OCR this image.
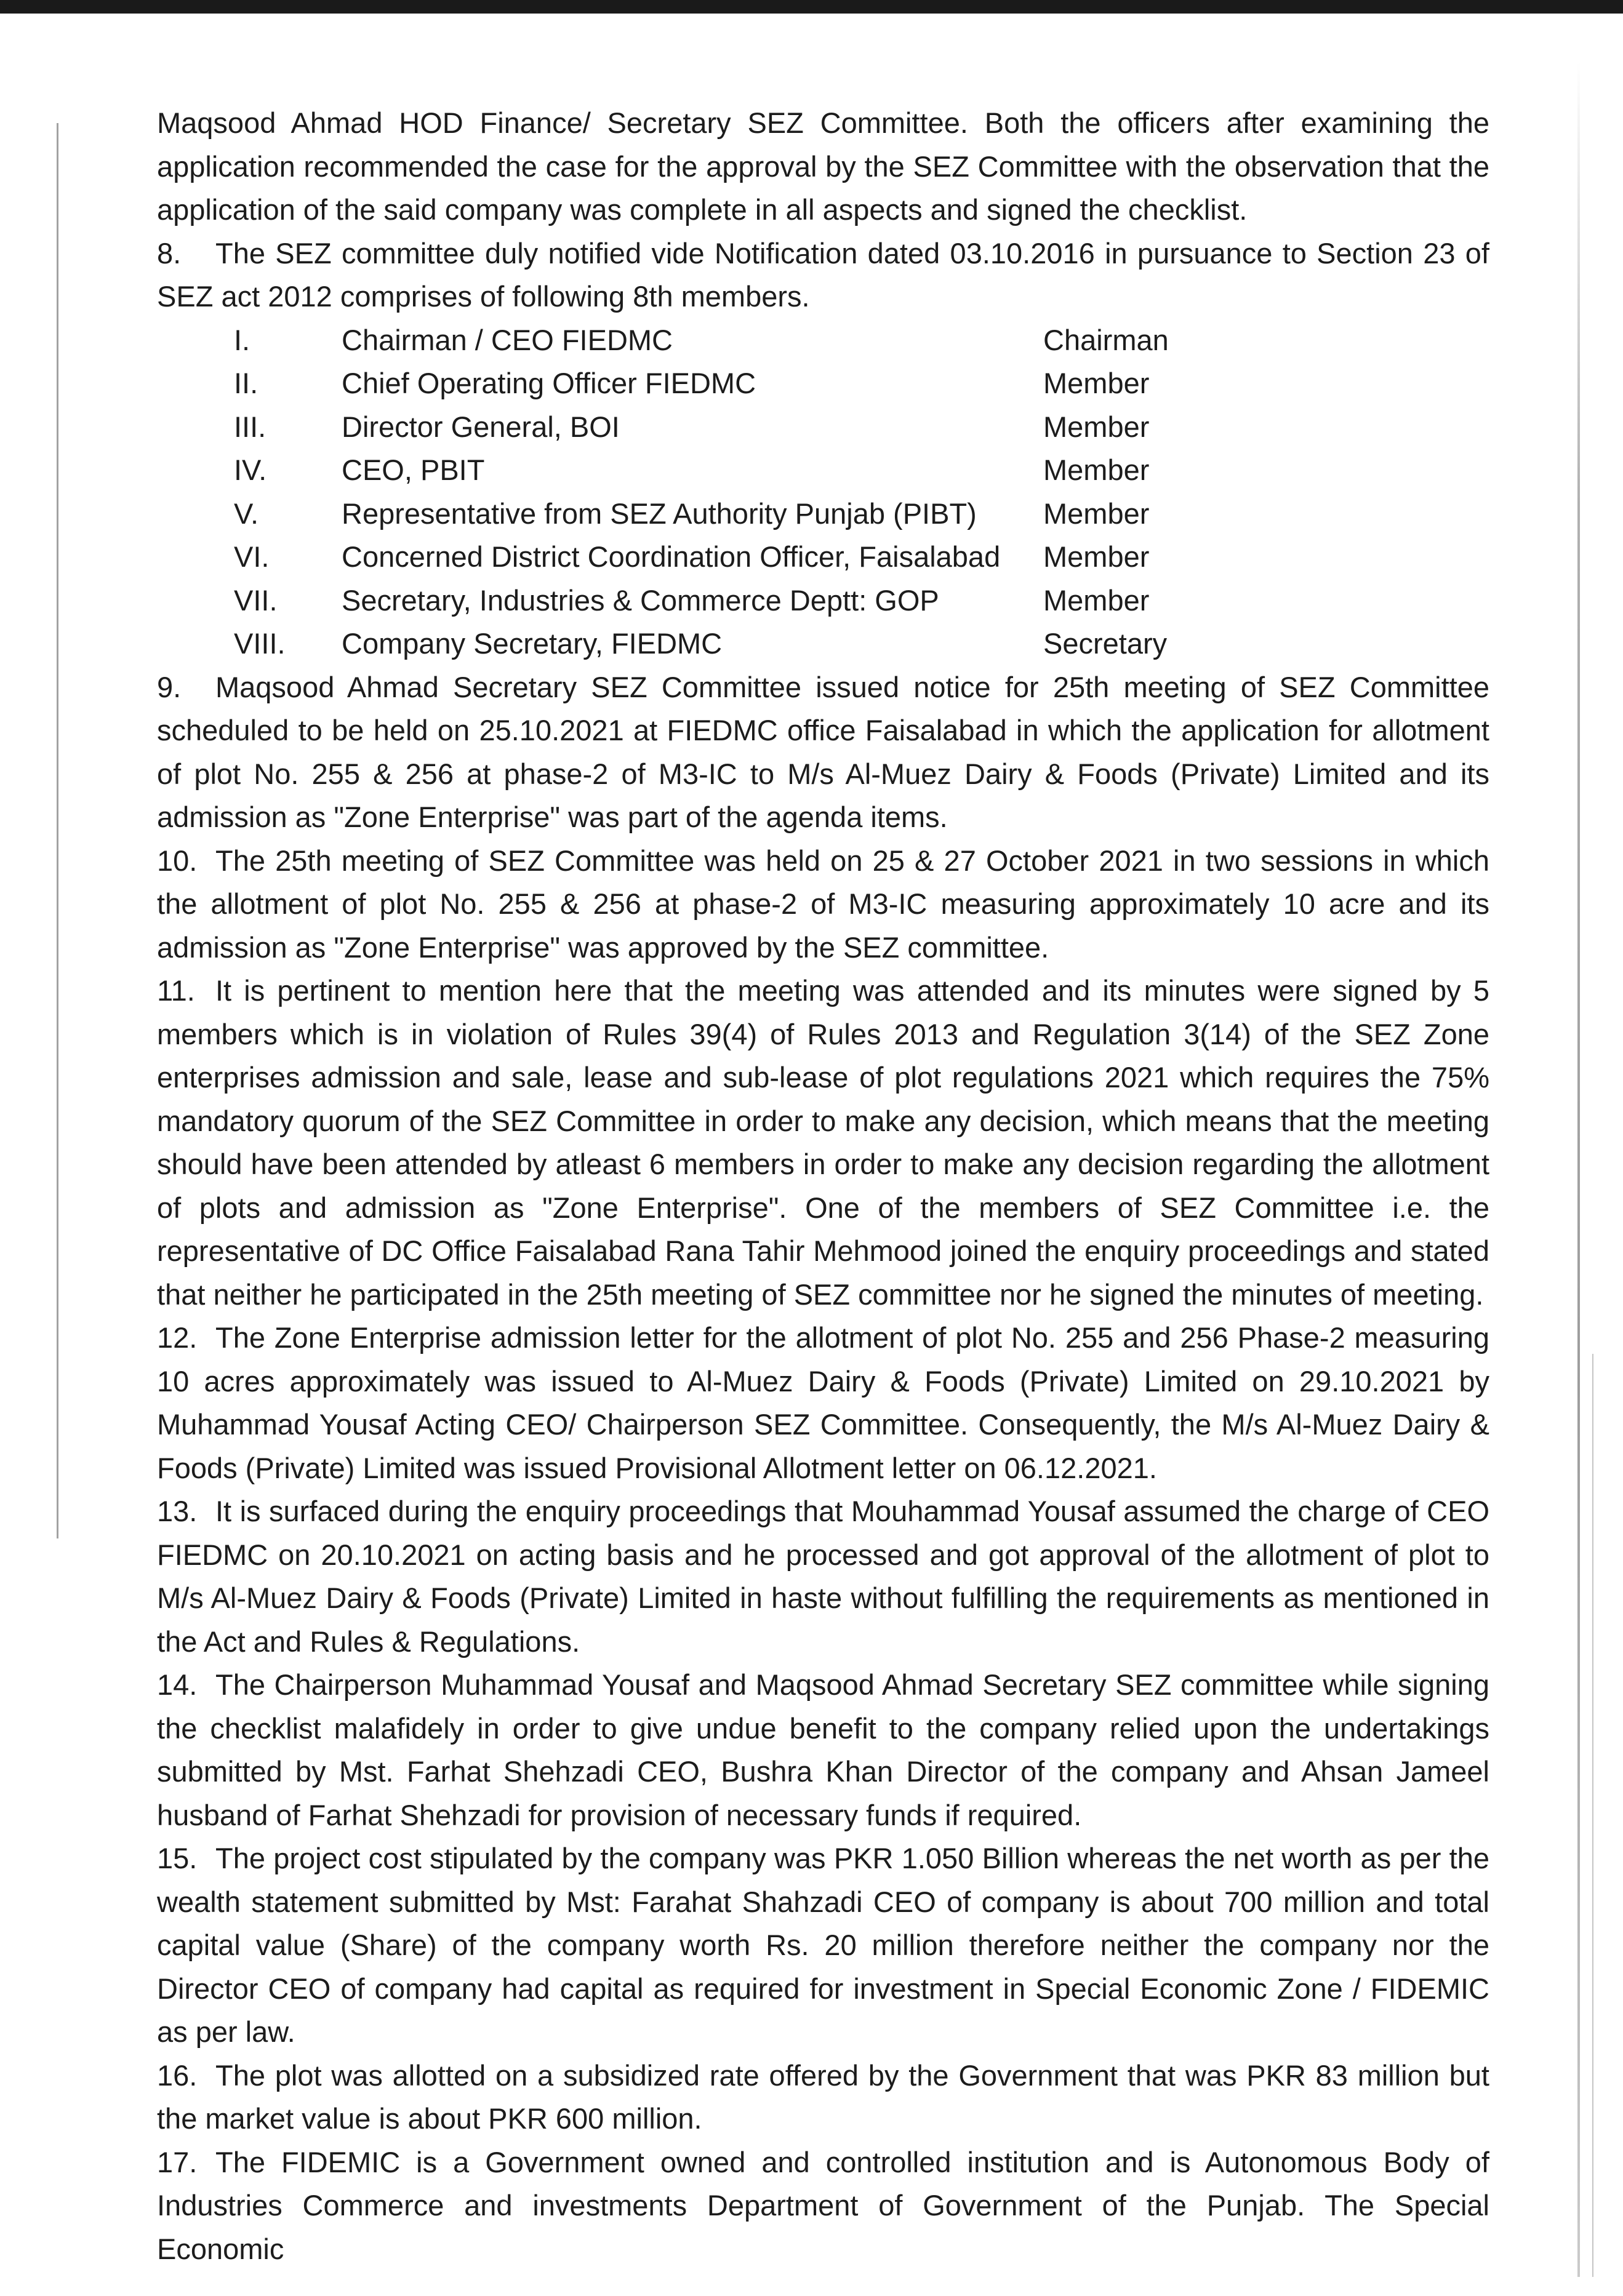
Maqsood Ahmad HOD Finance/ Secretary SEZ Committee. Both the officers after examining the application recommended the case for the approval by the SEZ Committee with the observation that the application of the said company was complete in all aspects and signed the checklist.

8. The SEZ committee duly notified vide Notification dated 03.10.2016 in pursuance to Section 23 of SEZ act 2012 comprises of following 8th members.

I.	Chairman / CEO FIEDMC	Chairman
II.	Chief Operating Officer FIEDMC	Member
III.	Director General, BOI	Member
IV.	CEO, PBIT	Member
V.	Representative from SEZ Authority Punjab (PIBT)	Member
VI.	Concerned District Coordination Officer, Faisalabad	Member
VII.	Secretary, Industries & Commerce Deptt: GOP	Member
VIII.	Company Secretary, FIEDMC	Secretary

9. Maqsood Ahmad Secretary SEZ Committee issued notice for 25th meeting of SEZ Committee scheduled to be held on 25.10.2021 at FIEDMC office Faisalabad in which the application for allotment of plot No. 255 & 256 at phase-2 of M3-IC to M/s Al-Muez Dairy & Foods (Private) Limited and its admission as "Zone Enterprise" was part of the agenda items.

10. The 25th meeting of SEZ Committee was held on 25 & 27 October 2021 in two sessions in which the allotment of plot No. 255 & 256 at phase-2 of M3-IC measuring approximately 10 acre and its admission as "Zone Enterprise" was approved by the SEZ committee.

11. It is pertinent to mention here that the meeting was attended and its minutes were signed by 5 members which is in violation of Rules 39(4) of Rules 2013 and Regulation 3(14) of the SEZ Zone enterprises admission and sale, lease and sub-lease of plot regulations 2021 which requires the 75% mandatory quorum of the SEZ Committee in order to make any decision, which means that the meeting should have been attended by atleast 6 members in order to make any decision regarding the allotment of plots and admission as "Zone Enterprise". One of the members of SEZ Committee i.e. the representative of DC Office Faisalabad Rana Tahir Mehmood joined the enquiry proceedings and stated that neither he participated in the 25th meeting of SEZ committee nor he signed the minutes of meeting.

12. The Zone Enterprise admission letter for the allotment of plot No. 255 and 256 Phase-2 measuring 10 acres approximately was issued to Al-Muez Dairy & Foods (Private) Limited on 29.10.2021 by Muhammad Yousaf Acting CEO/ Chairperson SEZ Committee. Consequently, the M/s Al-Muez Dairy & Foods (Private) Limited was issued Provisional Allotment letter on 06.12.2021.

13. It is surfaced during the enquiry proceedings that Mouhammad Yousaf assumed the charge of CEO FIEDMC on 20.10.2021 on acting basis and he processed and got approval of the allotment of plot to M/s Al-Muez Dairy & Foods (Private) Limited in haste without fulfilling the requirements as mentioned in the Act and Rules & Regulations.

14. The Chairperson Muhammad Yousaf and Maqsood Ahmad Secretary SEZ committee while signing the checklist malafidely in order to give undue benefit to the company relied upon the undertakings submitted by Mst. Farhat Shehzadi CEO, Bushra Khan Director of the company and Ahsan Jameel husband of Farhat Shehzadi for provision of necessary funds if required.

15. The project cost stipulated by the company was PKR 1.050 Billion whereas the net worth as per the wealth statement submitted by Mst: Farahat Shahzadi CEO of company is about 700 million and total capital value (Share) of the company worth Rs. 20 million therefore neither the company nor the Director CEO of company had capital as required for investment in Special Economic Zone / FIDEMIC as per law.

16. The plot was allotted on a subsidized rate offered by the Government that was PKR 83 million but the market value is about PKR 600 million.

17. The FIDEMIC is a Government owned and controlled institution and is Autonomous Body of Industries Commerce and investments Department of Government of the Punjab. The Special Economic
